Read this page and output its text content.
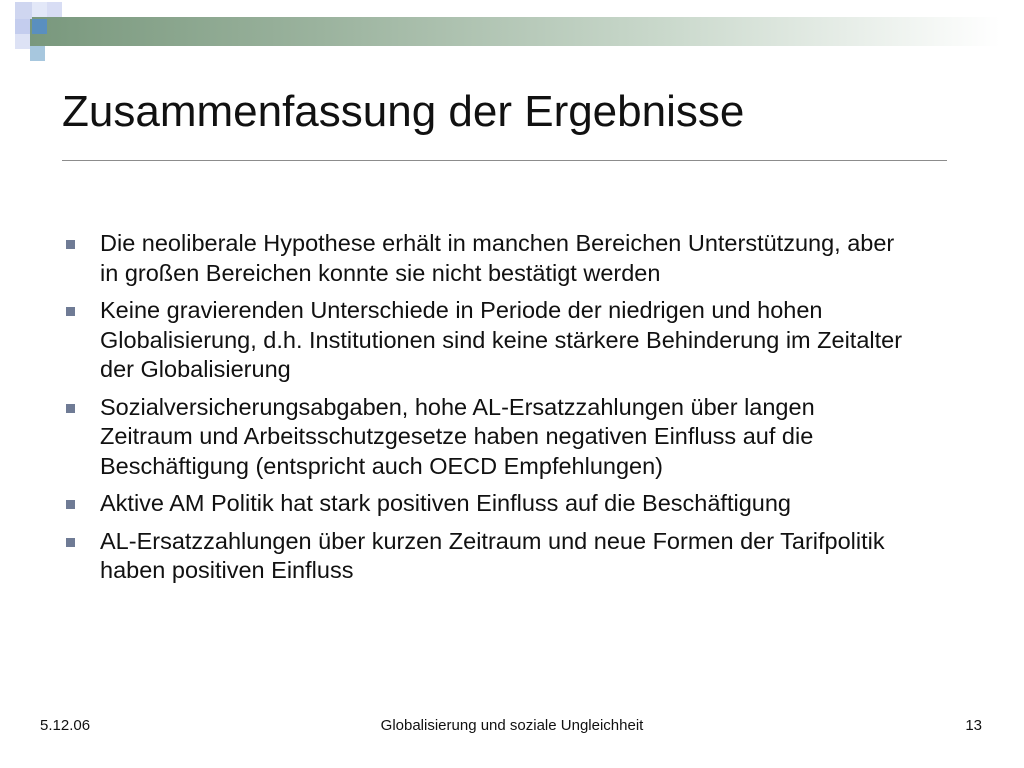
Zusammenfassung der Ergebnisse
Die neoliberale Hypothese erhält in manchen Bereichen Unterstützung, aber in großen Bereichen konnte sie nicht bestätigt werden
Keine gravierenden Unterschiede in Periode der niedrigen und hohen Globalisierung, d.h. Institutionen sind keine stärkere Behinderung im Zeitalter der Globalisierung
Sozialversicherungsabgaben, hohe AL-Ersatzzahlungen über langen Zeitraum und Arbeitsschutzgesetze haben negativen Einfluss auf die Beschäftigung (entspricht auch OECD Empfehlungen)
Aktive AM Politik hat stark positiven Einfluss auf die Beschäftigung
AL-Ersatzzahlungen über kurzen Zeitraum und neue Formen der Tarifpolitik haben positiven Einfluss
5.12.06	Globalisierung und soziale Ungleichheit	13
